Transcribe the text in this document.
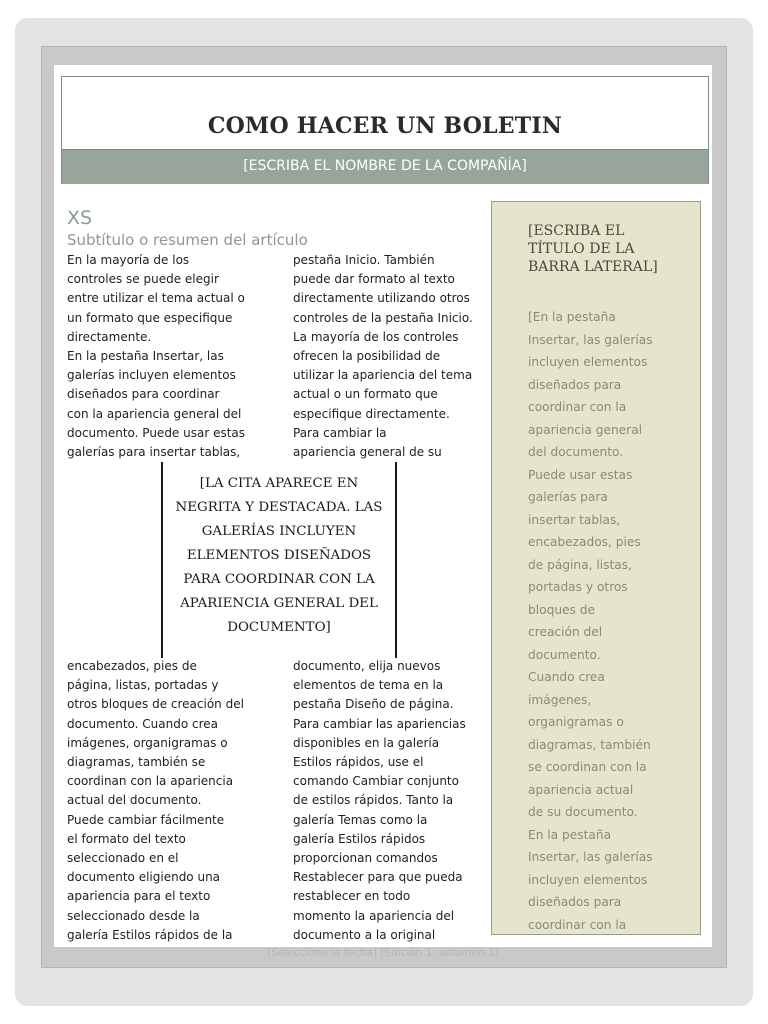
COMO HACER UN BOLETIN
[ESCRIBA EL NOMBRE DE LA COMPAÑÍA]
XS
Subtítulo o resumen del artículo

En la mayoría de los
controles se puede elegir
entre utilizar el tema actual o
un formato que especifique
directamente.
En la pestaña Insertar, las
galerías incluyen elementos
diseñados para coordinar
con la apariencia general del
documento. Puede usar estas
galerías para insertar tablas,

pestaña Inicio. También
puede dar formato al texto
directamente utilizando otros
controles de la pestaña Inicio.
La mayoría de los controles
ofrecen la posibilidad de
utilizar la apariencia del tema
actual o un formato que
especifique directamente.
Para cambiar la
apariencia general de su

[LA CITA APARECE EN NEGRITA Y DESTACADA. LAS GALERÍAS INCLUYEN ELEMENTOS DISEÑADOS PARA COORDINAR CON LA APARIENCIA GENERAL DEL DOCUMENTO]

encabezados, pies de
página, listas, portadas y
otros bloques de creación del
documento. Cuando crea
imágenes, organigramas o
diagramas, también se
coordinan con la apariencia
actual del documento.
Puede cambiar fácilmente
el formato del texto
seleccionado en el
documento eligiendo una
apariencia para el texto
seleccionado desde la
galería Estilos rápidos de la

documento, elija nuevos
elementos de tema en la
pestaña Diseño de página.
Para cambiar las apariencias
disponibles en la galería
Estilos rápidos, use el
comando Cambiar conjunto
de estilos rápidos. Tanto la
galería Temas como la
galería Estilos rápidos
proporcionan comandos
Restablecer para que pueda
restablecer en todo
momento la apariencia del
documento a la original

[ESCRIBA EL TÍTULO DE LA BARRA LATERAL]

[En la pestaña
Insertar, las galerías
incluyen elementos
diseñados para
coordinar con la
apariencia general
del documento.
Puede usar estas
galerías para
insertar tablas,
encabezados, pies
de página, listas,
portadas y otros
bloques de
creación del
documento.
Cuando crea
imágenes,
organigramas o
diagramas, también
se coordinan con la
apariencia actual
de su documento.
En la pestaña
Insertar, las galerías
incluyen elementos
diseñados para
coordinar con la

[Seleccione la fecha] [Edición 1, volumen 1]
